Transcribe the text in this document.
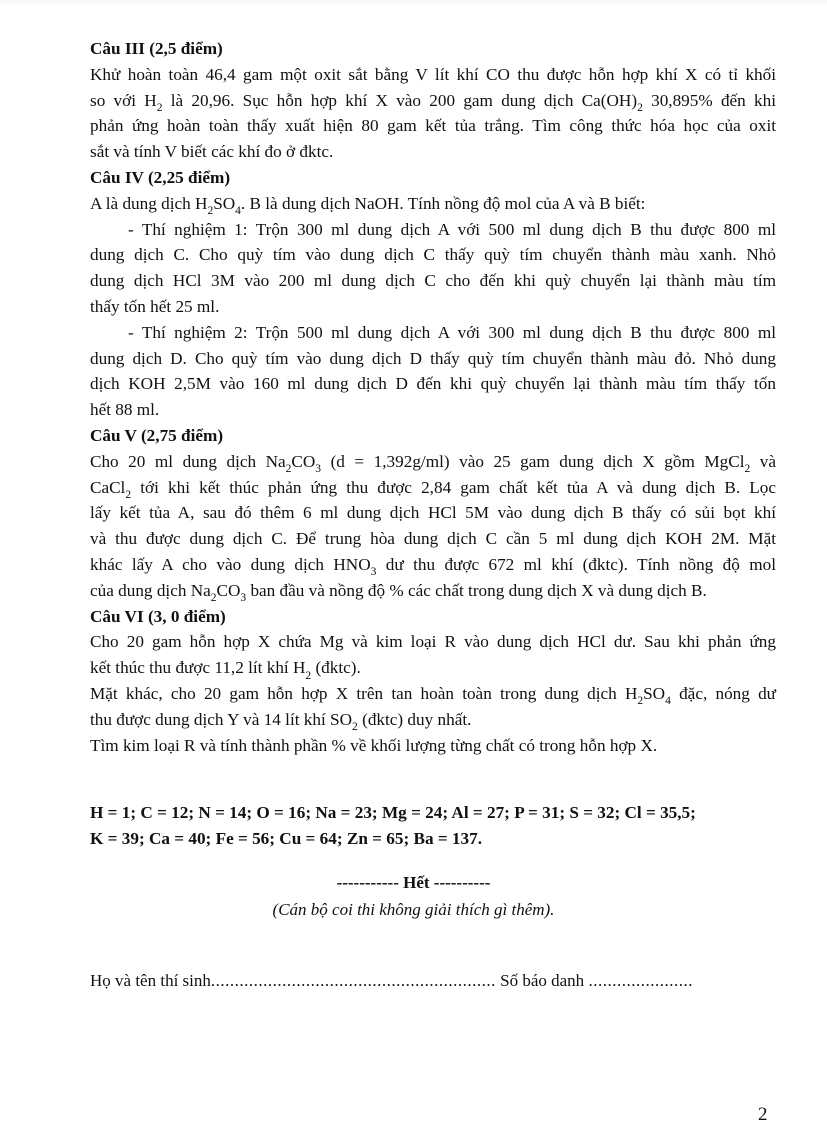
Câu III (2,5 điểm)
Khử hoàn toàn 46,4 gam một oxit sắt bằng V lít khí CO thu được hỗn hợp khí X có tỉ khối
so với $H_2$ là 20,96. Sục hỗn hợp khí X vào 200 gam dung dịch $Ca(OH)_2$ 30,895% đến khi
phản ứng hoàn toàn thấy xuất hiện 80 gam kết tủa trắng. Tìm công thức hóa học của oxit
sắt và tính V biết các khí đo ở đktc.
Câu IV (2,25 điểm)
A là dung dịch $H_2SO_4$. B là dung dịch NaOH. Tính nồng độ mol của A và B biết:
- Thí nghiệm 1: Trộn 300 ml dung dịch A với 500 ml dung dịch B thu được 800 ml
dung dịch C. Cho quỳ tím vào dung dịch C thấy quỳ tím chuyển thành màu xanh. Nhỏ
dung dịch HCl 3M vào 200 ml dung dịch C cho đến khi quỳ chuyển lại thành màu tím
thấy tốn hết 25 ml.
- Thí nghiệm 2: Trộn 500 ml dung dịch A với 300 ml dung dịch B thu được 800 ml
dung dịch D. Cho quỳ tím vào dung dịch D thấy quỳ tím chuyển thành màu đỏ. Nhỏ dung
dịch KOH 2,5M vào 160 ml dung dịch D đến khi quỳ chuyển lại thành màu tím thấy tốn
hết 88 ml.
Câu V (2,75 điểm)
Cho 20 ml dung dịch $Na_2CO_3$ (d = 1,392g/ml) vào 25 gam dung dịch X gồm MgCl$_2$ và
CaCl$_2$ tới khi kết thúc phản ứng thu được 2,84 gam chất kết tủa A và dung dịch B. Lọc
lấy kết tủa A, sau đó thêm 6 ml dung dịch HCl 5M vào dung dịch B thấy có sủi bọt khí
và thu được dung dịch C. Để trung hòa dung dịch C cần 5 ml dung dịch KOH 2M. Mặt
khác lấy A cho vào dung dịch $HNO_3$ dư thu được 672 ml khí (đktc). Tính nồng độ mol
của dung dịch $Na_2CO_3$ ban đầu và nồng độ % các chất trong dung dịch X và dung dịch B.
Câu VI (3, 0 điểm)
Cho 20 gam hỗn hợp X chứa Mg và kim loại R vào dung dịch HCl dư. Sau khi phản ứng
kết thúc thu được 11,2 lít khí $H_2$ (đktc).
Mặt khác, cho 20 gam hỗn hợp X trên tan hoàn toàn trong dung dịch $H_2SO_4$ đặc, nóng dư
thu được dung dịch Y và 14 lít khí $SO_2$ (đktc) duy nhất.
Tìm kim loại R và tính thành phần % về khối lượng từng chất có trong hỗn hợp X.
H = 1; C = 12; N = 14; O = 16; Na = 23; Mg = 24; Al = 27; P = 31; S = 32; Cl = 35,5;
K = 39; Ca = 40; Fe = 56; Cu = 64; Zn = 65; Ba = 137.
----------- Hết ----------
(Cán bộ coi thi không giải thích gì thêm).
Họ và tên thí sinh............................................................ Số báo danh ......................
2
